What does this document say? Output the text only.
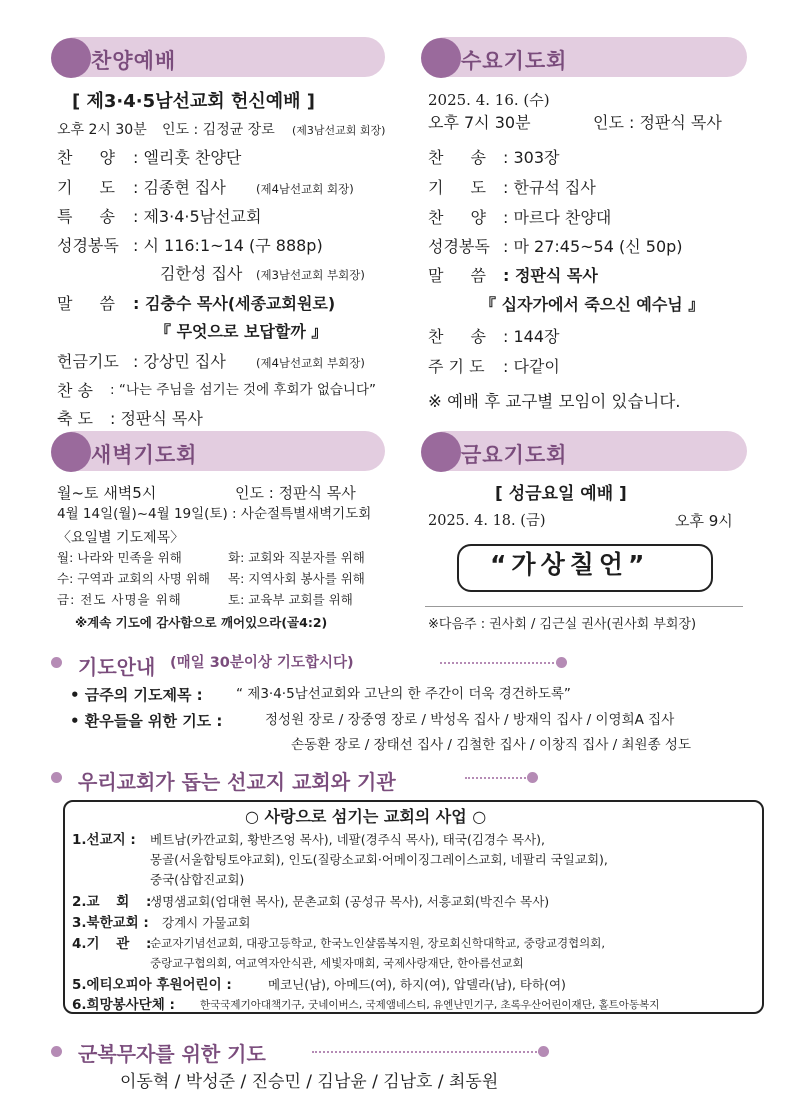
찬양예배
[ 제3·4·5남선교회 헌신예배 ]
오후 2시 30분 인도 : 김정균 장로 (제3남선교회 회장)
찬 양 : 엘리훗 찬양단
기 도 : 김종현 집사	(제4남선교회 회장)
특 송 : 제3·4·5남선교회
성경봉독 : 시 116:1~14 (구 888p)
김한성 집사 (제3남선교회 부회장)
말 씀 : 김충수 목사(세종교회원로)
『 무엇으로 보답할까 』
헌금기도 : 강상민 집사	(제4남선교회 부회장)
찬 송 : “나는 주님을 섬기는 것에 후회가 없습니다”
축 도 : 정판식 목사
수요기도회
2025. 4. 16. (수)
오후 7시 30분	인도 : 정판식 목사
찬 송 : 303장
기 도 : 한규석 집사
찬 양 : 마르다 찬양대
성경봉독 : 마 27:45~54 (신 50p)
말 씀 : 정판식 목사
『 십자가에서 죽으신 예수님 』
찬 송 : 144장
주 기 도 : 다같이
※ 예배 후 교구별 모임이 있습니다.
새벽기도회
월~토 새벽5시	인도 : 정판식 목사
4월 14일(월)~4월 19일(토) : 사순절특별새벽기도회
〈요일별 기도제목〉
월: 나라와 민족을 위해	화: 교회와 직분자를 위해
수: 구역과 교회의 사명 위해 목: 지역사회 봉사를 위해
금: 전도 사명을 위해	토: 교육부 교회를 위해
※계속 기도에 감사함으로 깨어있으라(골4:2)
금요기도회
[ 성금요일 예배 ]
2025. 4. 18. (금)	오후 9시
“가상칠언”
※다음주 : 권사회 / 김근실 권사(권사회 부회장)
기도안내 (매일 30분이상 기도합시다)
• 금주의 기도제목 : “ 제3·4·5남선교회와 고난의 한 주간이 더욱 경건하도록”
• 환우들을 위한 기도 :	정성원 장로 / 장중영 장로 / 박성옥 집사 / 방재익 집사 / 이영희A 집사
손동환 장로 / 장태선 집사 / 김철한 집사 / 이창직 집사 / 최원종 성도
우리교회가 돕는 선교지 교회와 기관
○ 사랑으로 섬기는 교회의 사업 ○
1.선교지 : 베트남(카깐교회, 황반즈엉 목사), 네팔(경주식 목사), 태국(김경수 목사),
몽골(서울합팅토야교회), 인도(질랑소교회·어메이징그레이스교회, 네팔리 국일교회),
중국(삼합진교회)
2.교 회 :
생명샘교회(엄대현 목사), 문촌교회 (공성규 목사), 서흥교회(박진수 목사)
3.북한교회 : 강계시 가물교회
4.기 관 :
순교자기념선교회, 대광고등학교, 한국노인샬롬복지원, 장로회신학대학교, 중랑교경협의회,
중랑교구협의회, 여교역자안식관, 세빛자매회, 국제사랑재단, 한아름선교회
5.에티오피아 후원어린이 :	메코닌(남), 아메드(여), 하지(여), 압델라(남), 타하(여)
6.희망봉사단체 : 한국국제기아대책기구, 굿네이버스, 국제앰네스티, 유엔난민기구, 초록우산어린이재단, 홀트아동복지
군복무자를 위한 기도
이동혁 / 박성준 / 진승민 / 김남윤 / 김남호 / 최동원
